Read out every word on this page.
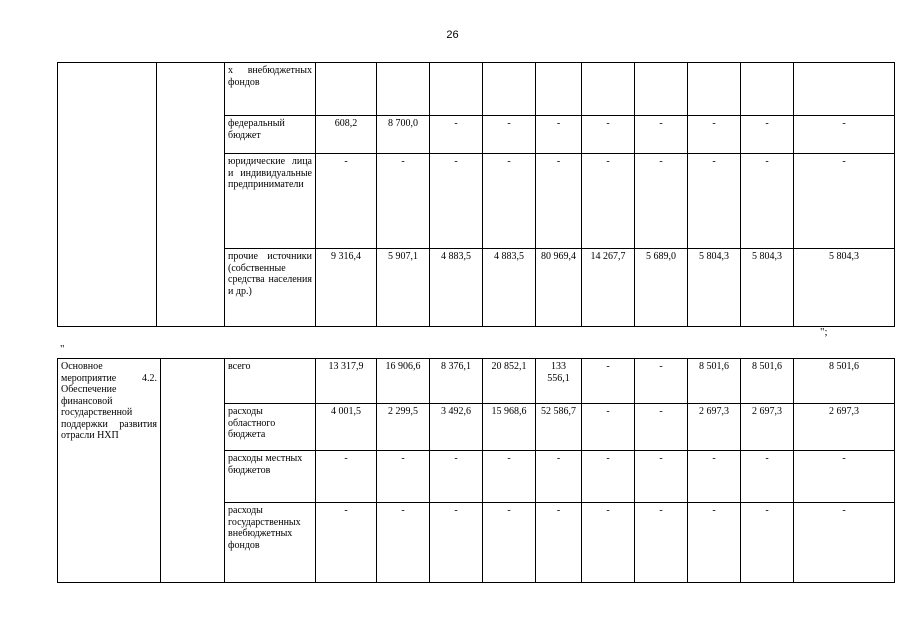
26
		х внебюджетных фондов										
		федеральный бюджет	608,2	8 700,0	-	-	-	-	-	-	-	-
		юридические лица и индивидуальные предприниматели	-	-	-	-	-	-	-	-	-	-
		прочие источники (собственные средства населения и др.)	9 316,4	5 907,1	4 883,5	4 883,5	80 969,4	14 267,7	5 689,0	5 804,3	5 804,3	5 804,3
";
"
Основное мероприятие 4.2. Обеспечение финансовой государственной поддержки развития отрасли НХП		всего	13 317,9	16 906,6	8 376,1	20 852,1	133 556,1	-	-	8 501,6	8 501,6	8 501,6
		расходы областного бюджета	4 001,5	2 299,5	3 492,6	15 968,6	52 586,7	-	-	2 697,3	2 697,3	2 697,3
		расходы местных бюджетов	-	-	-	-	-	-	-	-	-	-
		расходы государственных внебюджетных фондов	-	-	-	-	-	-	-	-	-	-
